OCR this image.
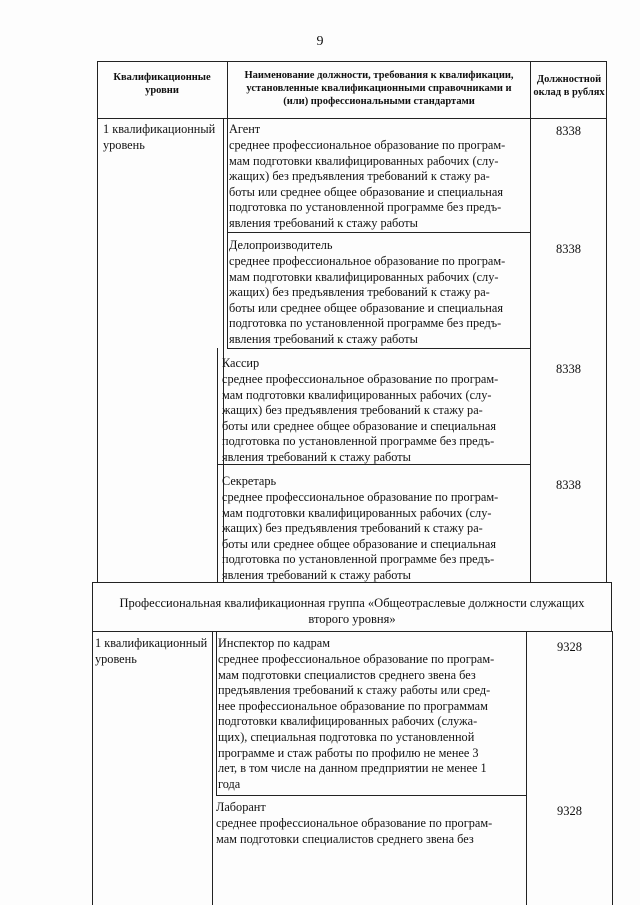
9
Квалификационные
уровни
Наименование должности, требования к квалификации,
установленные квалификационными справочниками и
(или) профессиональными стандартами
Должностной
оклад в рублях
1 квалификационный
уровень
Агент
среднее профессиональное образование по програм-
мам подготовки квалифицированных рабочих (слу-
жащих) без предъявления требований к стажу ра-
боты или среднее общее образование и специальная
подготовка по установленной программе без предъ-
явления требований к стажу работы
8338
Делопроизводитель
среднее профессиональное образование по програм-
мам подготовки квалифицированных рабочих (слу-
жащих) без предъявления требований к стажу ра-
боты или среднее общее образование и специальная
подготовка по установленной программе без предъ-
явления требований к стажу работы
8338
Кассир
среднее профессиональное образование по програм-
мам подготовки квалифицированных рабочих (слу-
жащих) без предъявления требований к стажу ра-
боты или среднее общее образование и специальная
подготовка по установленной программе без предъ-
явления требований к стажу работы
8338
Секретарь
среднее профессиональное образование по програм-
мам подготовки квалифицированных рабочих (слу-
жащих) без предъявления требований к стажу ра-
боты или среднее общее образование и специальная
подготовка по установленной программе без предъ-
явления требований к стажу работы
8338
Профессиональная квалификационная группа «Общеотраслевые должности служащих
второго уровня»
1 квалификационный
уровень
Инспектор по кадрам
среднее профессиональное образование по програм-
мам подготовки специалистов среднего звена без
предъявления требований к стажу работы или сред-
нее профессиональное образование по программам
подготовки квалифицированных рабочих (служа-
щих), специальная подготовка по установленной
программе и стаж работы по профилю не менее 3
лет, в том числе на данном предприятии не менее 1
года
9328
Лаборант
среднее профессиональное образование по програм-
мам подготовки специалистов среднего звена без
9328
